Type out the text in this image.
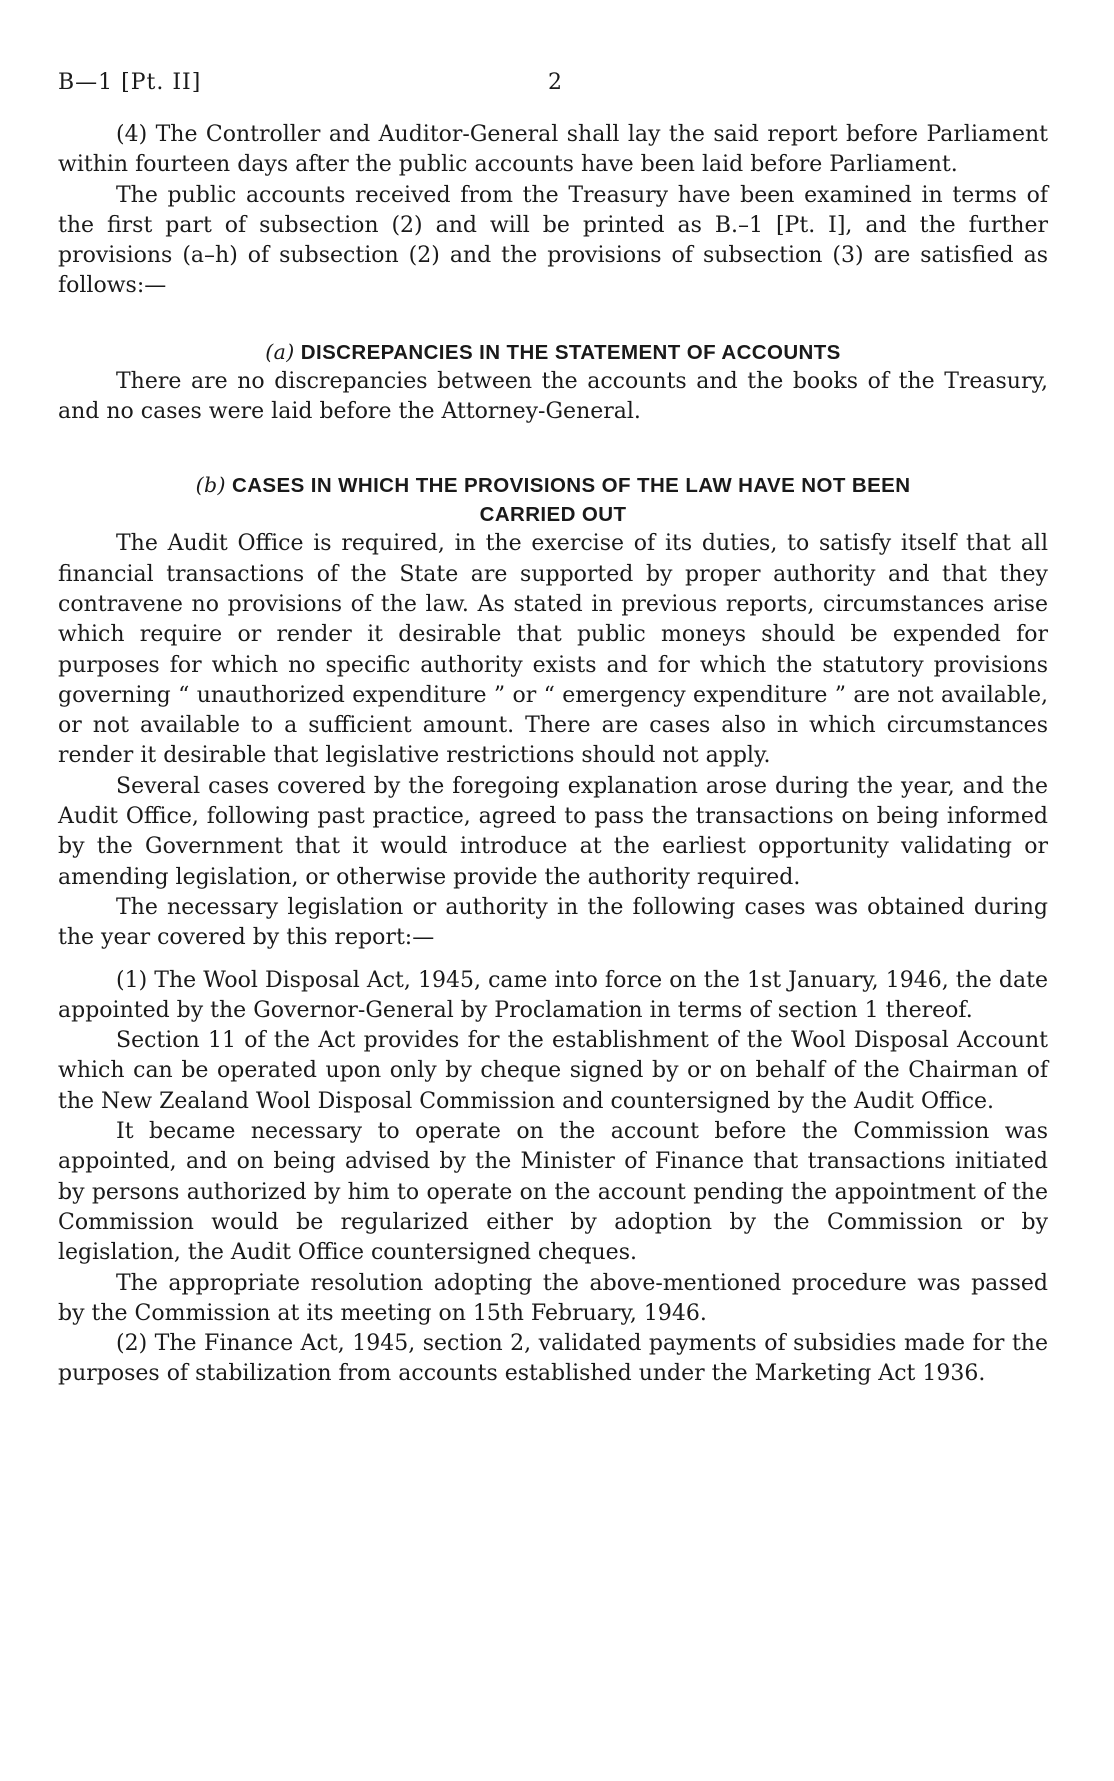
B—1 [Pt. II]	2

(4) The Controller and Auditor-General shall lay the said report before Parliament within fourteen days after the public accounts have been laid before Parliament.

The public accounts received from the Treasury have been examined in terms of the first part of subsection (2) and will be printed as B.–1 [Pt. I], and the further provisions (a–h) of subsection (2) and the provisions of subsection (3) are satisfied as follows:—

(a) DISCREPANCIES IN THE STATEMENT OF ACCOUNTS

There are no discrepancies between the accounts and the books of the Treasury, and no cases were laid before the Attorney-General.

(b) CASES IN WHICH THE PROVISIONS OF THE LAW HAVE NOT BEEN
CARRIED OUT

The Audit Office is required, in the exercise of its duties, to satisfy itself that all financial transactions of the State are supported by proper authority and that they contravene no provisions of the law. As stated in previous reports, circumstances arise which require or render it desirable that public moneys should be expended for purposes for which no specific authority exists and for which the statutory provisions governing “ unauthorized expenditure ” or “ emergency expenditure ” are not available, or not available to a sufficient amount. There are cases also in which circumstances render it desirable that legislative restrictions should not apply.

Several cases covered by the foregoing explanation arose during the year, and the Audit Office, following past practice, agreed to pass the transactions on being informed by the Government that it would introduce at the earliest opportunity validating or amending legislation, or otherwise provide the authority required.

The necessary legislation or authority in the following cases was obtained during the year covered by this report:—

(1) The Wool Disposal Act, 1945, came into force on the 1st January, 1946, the date appointed by the Governor-General by Proclamation in terms of section 1 thereof.

Section 11 of the Act provides for the establishment of the Wool Disposal Account which can be operated upon only by cheque signed by or on behalf of the Chairman of the New Zealand Wool Disposal Commission and countersigned by the Audit Office.

It became necessary to operate on the account before the Commission was appointed, and on being advised by the Minister of Finance that transactions initiated by persons authorized by him to operate on the account pending the appointment of the Commission would be regularized either by adoption by the Commission or by legislation, the Audit Office countersigned cheques.

The appropriate resolution adopting the above-mentioned procedure was passed by the Commission at its meeting on 15th February, 1946.

(2) The Finance Act, 1945, section 2, validated payments of subsidies made for the purposes of stabilization from accounts established under the Marketing Act 1936.
